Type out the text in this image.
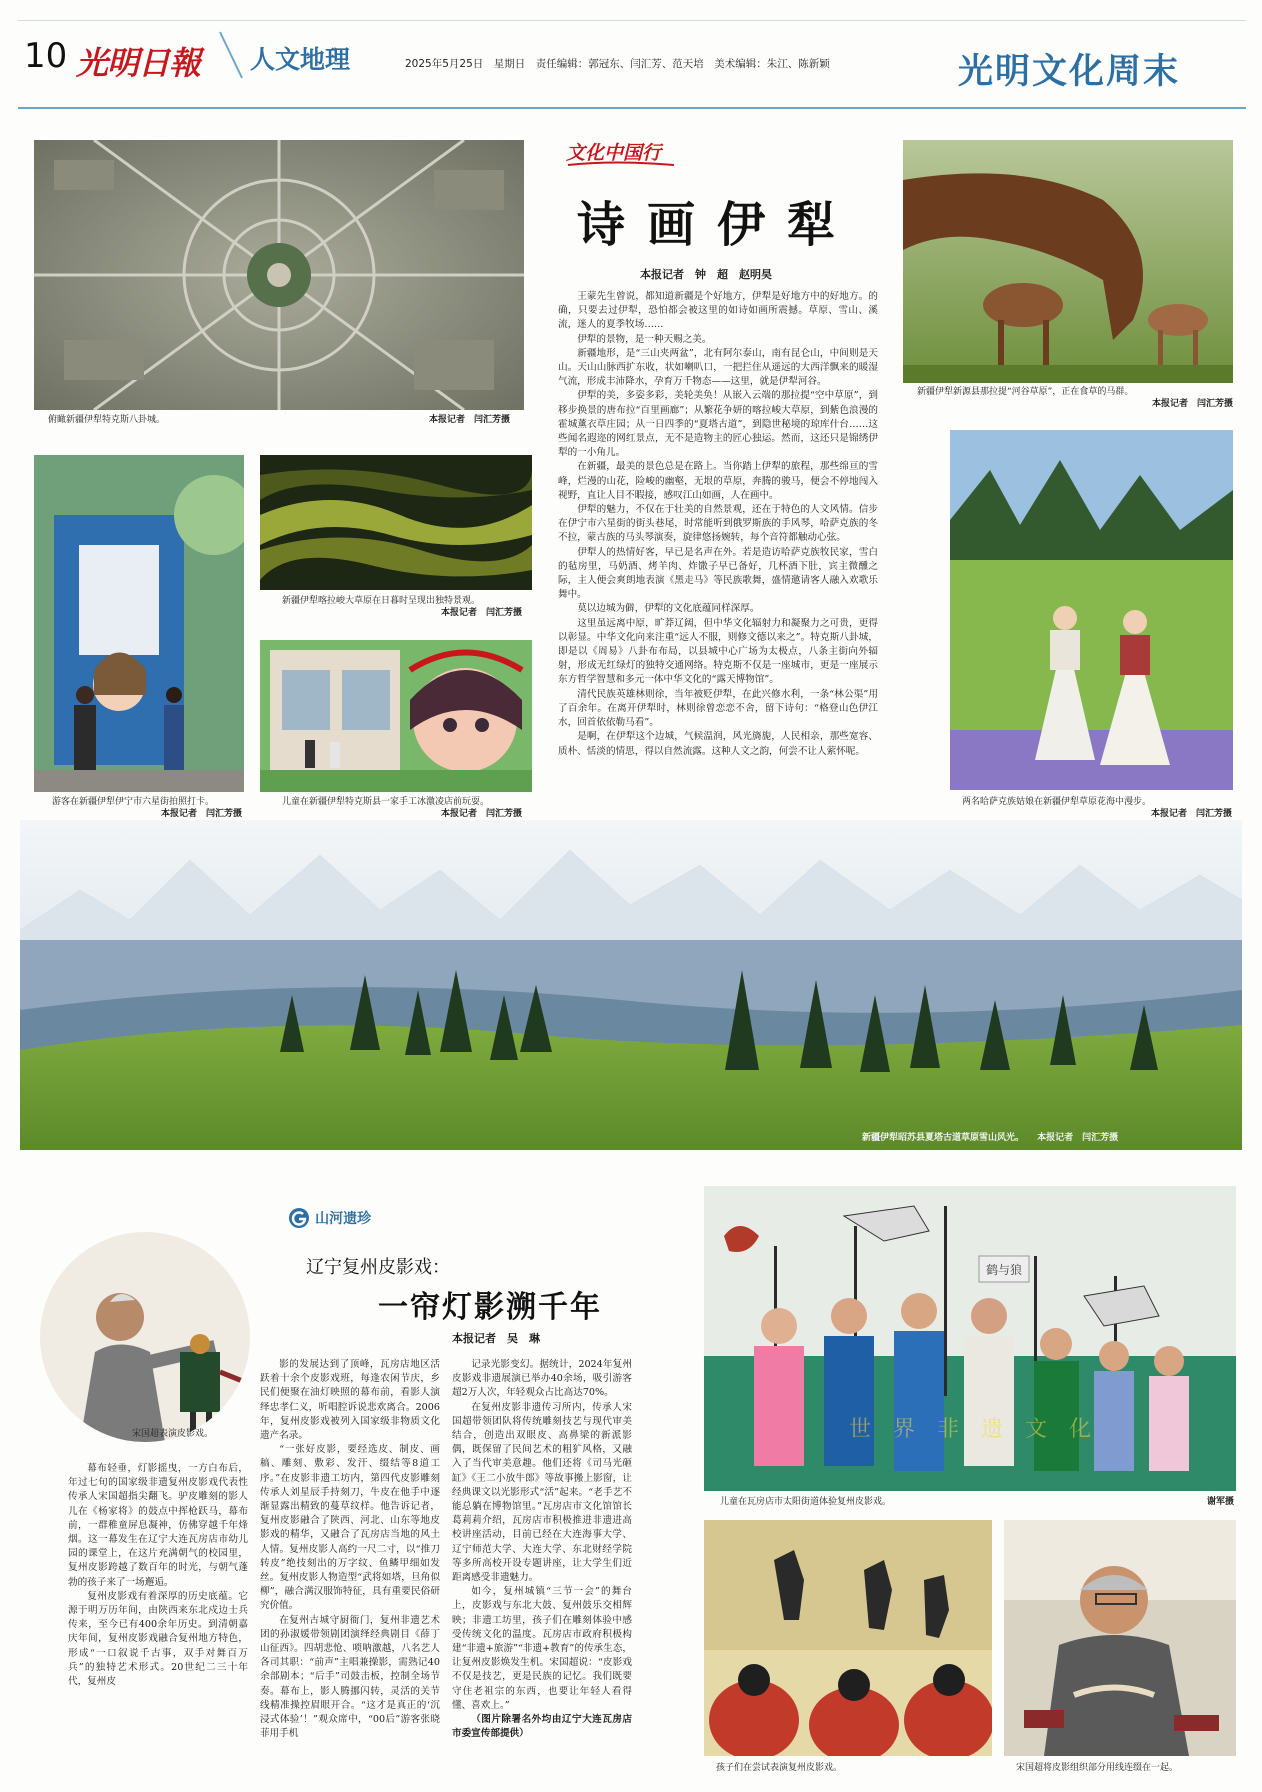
10 光明日報 人文地理	2025年5月25日　星期日　责任编辑：郭冠东、闫汇芳、范天培　美术编辑：朱江、陈新颖	光明文化周末
俯瞰新疆伊犁特克斯八卦城。	本报记者　闫汇芳摄
文化中国行
诗画伊犁
本报记者　钟　超　赵明昊

王蒙先生曾说，都知道新疆是个好地方，伊犁是好地方中的好地方。的确，只要去过伊犁，恐怕都会被这里的如诗如画所震撼。草原、雪山、溪流，迷人的夏季牧场……

伊犁的景物，是一种天赐之美。

新疆地形，是“三山夹两盆”，北有阿尔泰山，南有昆仑山，中间则是天山。天山山脉西扩东收，状如喇叭口，一把拦住从遥远的大西洋飘来的暖湿气流，形成丰沛降水，孕育万千物态——这里，就是伊犁河谷。

伊犁的美，多姿多彩，美轮美奂！从嵌入云端的那拉提“空中草原”，到移步换景的唐布拉“百里画廊”；从繁花争妍的喀拉峻大草原，到紫色浪漫的霍城薰衣草庄园；从一日四季的“夏塔古道”，到隐世秘境的琼库什台……这些闻名遐迩的网红景点，无不是造物主的匠心独运。然而，这还只是锦绣伊犁的一小角儿。

在新疆，最美的景色总是在路上。当你踏上伊犁的旅程，那些绵亘的雪峰，烂漫的山花，险峻的幽壑，无垠的草原，奔腾的骏马，便会不停地闯入视野，直让人目不暇接，感叹江山如画，人在画中。

伊犁的魅力，不仅在于壮美的自然景观，还在于特色的人文风情。信步在伊宁市六星街的街头巷尾，时常能听到俄罗斯族的手风琴，哈萨克族的冬不拉，蒙古族的马头琴演奏，旋律悠扬婉转，每个音符都触动心弦。

伊犁人的热情好客，早已是名声在外。若是造访哈萨克族牧民家，雪白的毡房里，马奶酒、烤羊肉、炸馓子早已备好，几杯酒下肚，宾主微醺之际，主人便会爽朗地表演《黑走马》等民族歌舞，盛情邀请客人融入欢歌乐舞中。

莫以边城为僻，伊犁的文化底蕴同样深厚。

这里虽远离中原，旷莽辽阔，但中华文化辐射力和凝聚力之可贵，更得以彰显。中华文化向来注重“远人不服，则修文德以来之”。特克斯八卦城，即是以《周易》八卦布布局，以县城中心广场为太极点，八条主街向外辐射，形成无红绿灯的独特交通网络。特克斯不仅是一座城市，更是一座展示东方哲学智慧和多元一体中华文化的“露天博物馆”。

清代民族英雄林则徐，当年被贬伊犁，在此兴修水利，一条“林公渠”用了百余年。在离开伊犁时，林则徐曾恋恋不舍，留下诗句：“格登山色伊江水，回首依依勒马看”。

是啊，在伊犁这个边城，气候温润，风光旖旎，人民相亲，那些宽容、质朴、恬淡的情思，得以自然流露。这种人文之韵，何尝不让人萦怀呢。

新疆伊犁新源县那拉提“河谷草原”，正在食草的马群。
本报记者　闫汇芳摄
新疆伊犁喀拉峻大草原在日暮时呈现出独特景观。
本报记者　闫汇芳摄
游客在新疆伊犁伊宁市六星街拍照打卡。
本报记者　闫汇芳摄
儿童在新疆伊犁特克斯县一家手工冰激凌店前玩耍。
本报记者　闫汇芳摄
两名哈萨克族姑娘在新疆伊犁草原花海中漫步。
本报记者　闫汇芳摄
新疆伊犁昭苏县夏塔古道草原雪山风光。 本报记者　闫汇芳摄
山河遗珍
辽宁复州皮影戏：
一帘灯影溯千年
本报记者　吴　琳
宋国超表演皮影戏。

幕布轻垂，灯影摇曳，一方白布后，年过七旬的国家级非遗复州皮影戏代表性传承人宋国超指尖翻飞。驴皮雕刻的影人儿在《杨家将》的鼓点中挥枪跃马，幕布前，一群稚童屏息凝神，仿佛穿越千年烽烟。这一幕发生在辽宁大连瓦房店市幼儿园的课堂上，在这片充满朝气的校园里，复州皮影跨越了数百年的时光，与朝气蓬勃的孩子来了一场邂逅。

复州皮影戏有着深厚的历史底蕴。它源于明万历年间，由陕西来东北戍边士兵传来，至今已有400余年历史。到清朝嘉庆年间，复州皮影戏融合复州地方特色，形成“一口叙说千古事，双手对舞百万兵”的独特艺术形式。20世纪二三十年代，复州皮

影的发展达到了顶峰，瓦房店地区活跃着十余个皮影戏班，每逢农闲节庆，乡民们便聚在油灯映照的幕布前，看影人演绎忠孝仁义，听唱腔诉说悲欢离合。2006年，复州皮影戏被列入国家级非物质文化遗产名录。

“一张好皮影，要经选皮、制皮、画稿、雕刻、敷彩、发汗、缀结等8道工序。”在皮影非遗工坊内，第四代皮影雕刻传承人刘星辰手持刻刀，牛皮在他手中逐渐显露出精致的蔓草纹样。他告诉记者，复州皮影融合了陕西、河北、山东等地皮影戏的精华，又融合了瓦房店当地的风土人情。复州皮影人高约一尺二寸，以“推刀转皮”绝技刻出的万字纹、鱼鳞甲细如发丝。复州皮影人物造型“武将如塔，旦角似柳”，融合满汉服饰特征，具有重要民俗研究价值。

在复州古城守厨衙门，复州非遗艺术团的孙淑媛带领剧团演绎经典剧目《薛丁山征西》。四胡悲怆、唢呐激越，八名艺人各司其职：“前声”主唱兼操影，需熟记40余部剧本；“后手”司鼓击板，控制全场节奏。幕布上，影人腾挪闪转，灵活的关节线精准操控眉眼开合。“这才是真正的‘沉浸式体验’！”观众席中，“00后”游客张晓菲用手机

记录光影变幻。据统计，2024年复州皮影戏非遗展演已举办40余场，吸引游客超2万人次，年轻观众占比高达70%。

在复州皮影非遗传习所内，传承人宋国超带领团队将传统雕刻技艺与现代审美结合，创造出双眼皮、高鼻梁的新派影偶，既保留了民间艺术的粗犷风格，又融入了当代审美意趣。他们还将《司马光砸缸》《王二小放牛郎》等故事搬上影窗，让经典课文以光影形式“活”起来。“老手艺不能总躺在博物馆里。”瓦房店市文化馆馆长葛莉莉介绍，瓦房店市积极推进非遗进高校讲座活动，目前已经在大连海事大学、辽宁师范大学、大连大学、东北财经学院等多所高校开设专题讲座，让大学生们近距离感受非遗魅力。

如今，复州城镇“三节一会”的舞台上，皮影戏与东北大鼓、复州鼓乐交相辉映；非遗工坊里，孩子们在雕刻体验中感受传统文化的温度。瓦房店市政府积极构建“非遗+旅游”“非遗+教育”的传承生态，让复州皮影焕发生机。宋国超说：“皮影戏不仅是技艺，更是民族的记忆。我们既要守住老祖宗的东西，也要让年轻人看得懂、喜欢上。”

（图片除署名外均由辽宁大连瓦房店市委宣传部提供）

鹤与狼
世　界　非　遗　文　化
儿童在瓦房店市太阳街道体验复州皮影戏。	谢军摄
孩子们在尝试表演复州皮影戏。	宋国超将皮影组织部分用线连缀在一起。
